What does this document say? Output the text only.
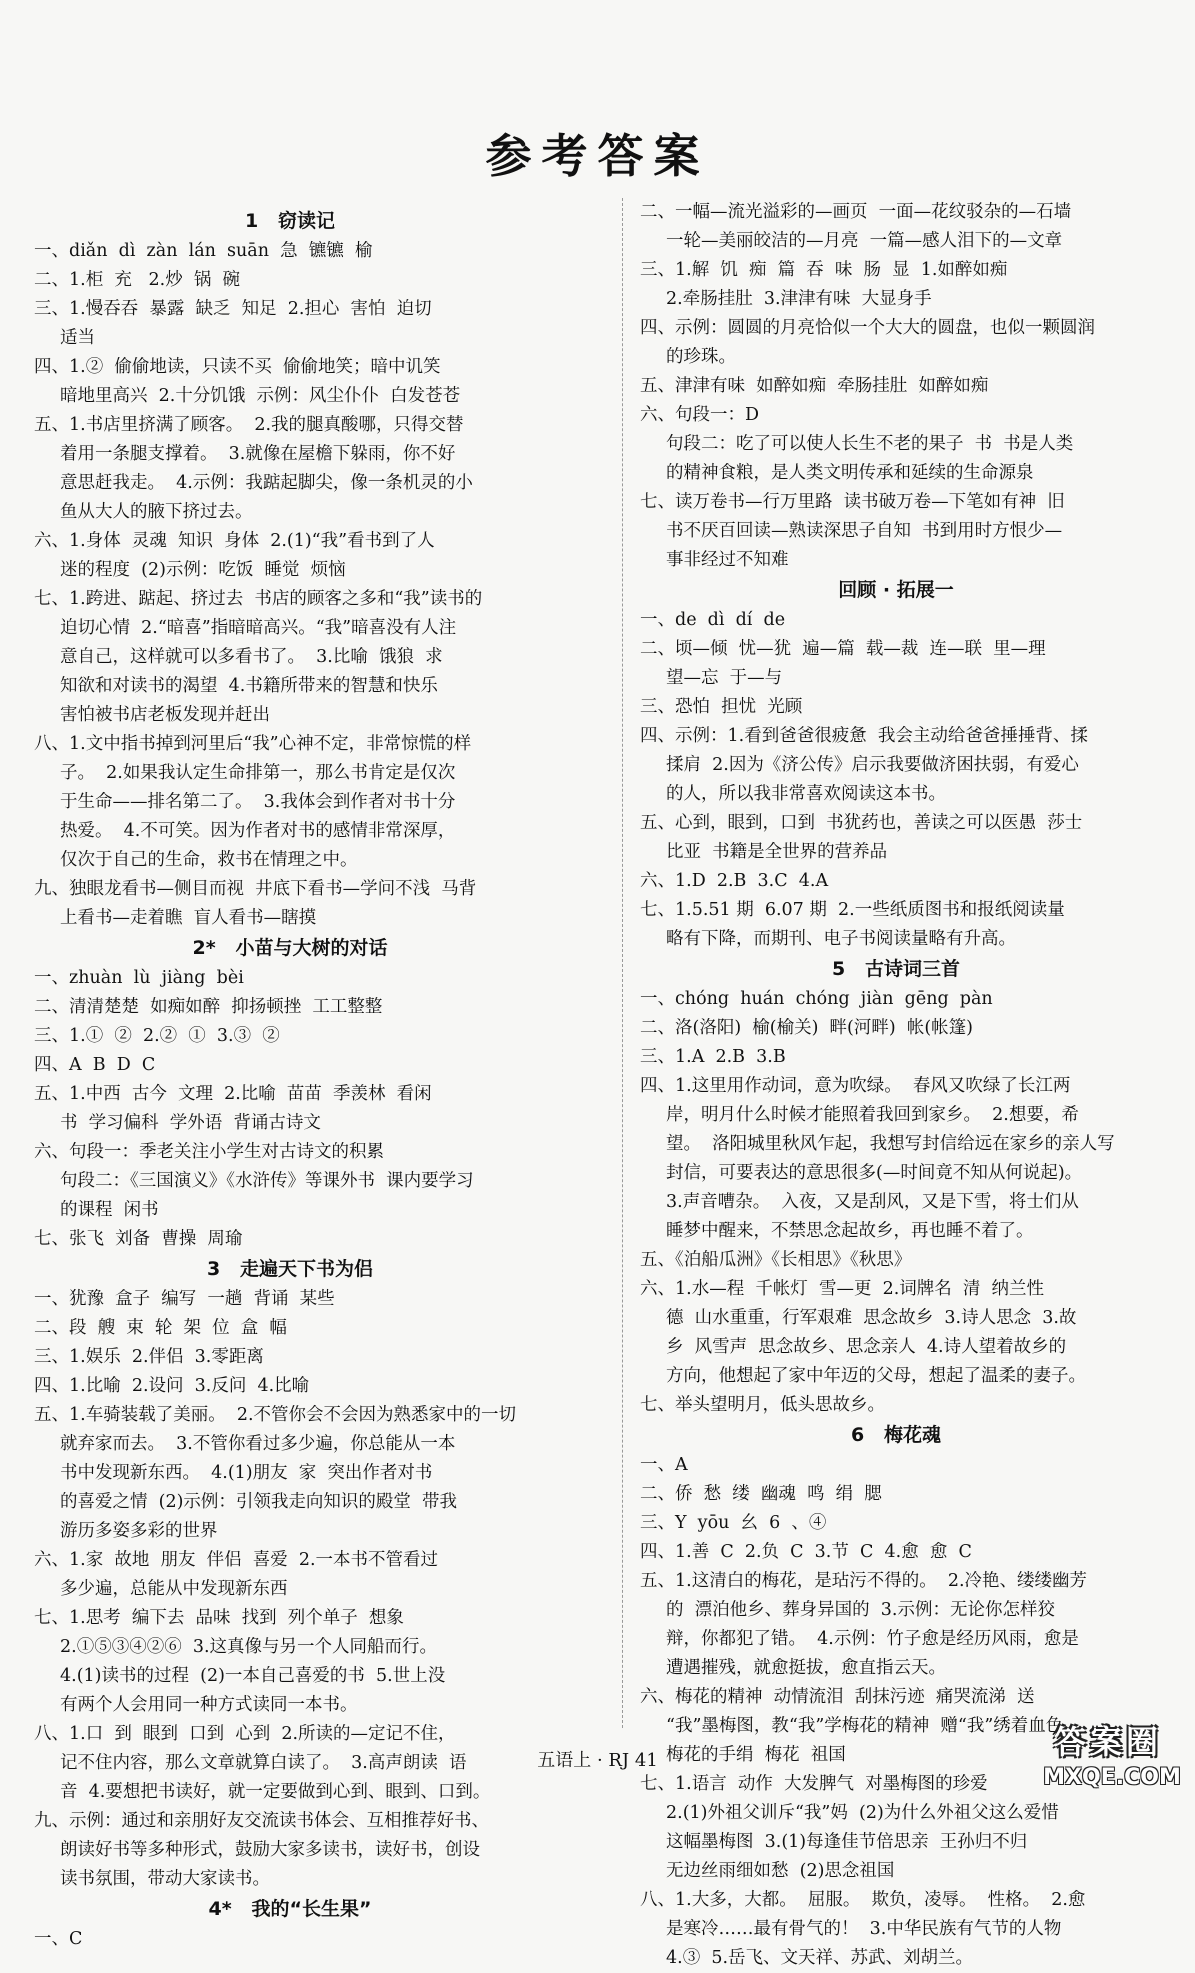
参考答案
1   窃读记
一、diǎn  dì  zàn  lán  suān  急  镳镳  榆
二、1.柜  充   2.炒  锅  碗
三、1.慢吞吞  暴露  缺乏  知足  2.担心  害怕  迫切
适当
四、1.②  偷偷地读，只读不买  偷偷地笑；暗中讥笑
暗地里高兴  2.十分饥饿  示例：风尘仆仆  白发苍苍
五、1.书店里挤满了顾客。  2.我的腿真酸哪，只得交替
着用一条腿支撑着。  3.就像在屋檐下躲雨，你不好
意思赶我走。  4.示例：我踮起脚尖，像一条机灵的小
鱼从大人的腋下挤过去。
六、1.身体  灵魂  知识  身体  2.(1)“我”看书到了人
迷的程度  (2)示例：吃饭  睡觉  烦恼
七、1.跨进、踮起、挤过去  书店的顾客之多和“我”读书的
迫切心情  2.“暗喜”指暗暗高兴。“我”暗喜没有人注
意自己，这样就可以多看书了。  3.比喻  饿狼  求
知欲和对读书的渴望  4.书籍所带来的智慧和快乐
害怕被书店老板发现并赶出
八、1.文中指书掉到河里后“我”心神不定，非常惊慌的样
子。  2.如果我认定生命排第一，那么书肯定是仅次
于生命——排名第二了。  3.我体会到作者对书十分
热爱。  4.不可笑。因为作者对书的感情非常深厚，
仅次于自己的生命，救书在情理之中。
九、独眼龙看书—侧目而视  井底下看书—学问不浅  马背
上看书—走着瞧  盲人看书—瞎摸
2*   小苗与大树的对话
一、zhuàn  lù  jiàng  bèi
二、清清楚楚  如痴如醉  抑扬顿挫  工工整整
三、1.①  ②  2.②  ①  3.③  ②
四、A  B  D  C
五、1.中西  古今  文理  2.比喻  苗苗  季羡林  看闲
书  学习偏科  学外语  背诵古诗文
六、句段一：季老关注小学生对古诗文的积累
句段二：《三国演义》《水浒传》等课外书  课内要学习
的课程  闲书
七、张飞  刘备  曹操  周瑜
3   走遍天下书为侣
一、犹豫  盒子  编写  一趟  背诵  某些
二、段  艘  束  轮  架  位  盒  幅
三、1.娱乐  2.伴侣  3.零距离
四、1.比喻  2.设问  3.反问  4.比喻
五、1.车骑装载了美丽。  2.不管你会不会因为熟悉家中的一切
就弃家而去。  3.不管你看过多少遍，你总能从一本
书中发现新东西。  4.(1)朋友  家  突出作者对书
的喜爱之情  (2)示例：引领我走向知识的殿堂  带我
游历多姿多彩的世界
六、1.家  故地  朋友  伴侣  喜爱  2.一本书不管看过
多少遍，总能从中发现新东西
七、1.思考  编下去  品味  找到  列个单子  想象
2.①⑤③④②⑥  3.这真像与另一个人同船而行。
4.(1)读书的过程  (2)一本自己喜爱的书  5.世上没
有两个人会用同一种方式读同一本书。
八、1.口  到  眼到  口到  心到  2.所读的—定记不住，
记不住内容，那么文章就算白读了。  3.高声朗读  语
音  4.要想把书读好，就一定要做到心到、眼到、口到。
九、示例：通过和亲朋好友交流读书体会、互相推荐好书、
朗读好书等多种形式，鼓励大家多读书，读好书，创设
读书氛围，带动大家读书。
4*   我的“长生果”
一、C
二、一幅—流光溢彩的—画页  一面—花纹驳杂的—石墙
一轮—美丽皎洁的—月亮  一篇—感人泪下的—文章
三、1.解  饥  痴  篇  吞  味  肠  显  1.如醉如痴
2.牵肠挂肚  3.津津有味  大显身手
四、示例：圆圆的月亮恰似一个大大的圆盘，也似一颗圆润
的珍珠。
五、津津有味  如醉如痴  牵肠挂肚  如醉如痴
六、句段一：D
句段二：吃了可以使人长生不老的果子  书  书是人类
的精神食粮，是人类文明传承和延续的生命源泉
七、读万卷书—行万里路  读书破万卷—下笔如有神  旧
书不厌百回读—熟读深思子自知  书到用时方恨少—
事非经过不知难
回顾 · 拓展一
一、de  dì  dí  de
二、顷—倾  忧—犹  遍—篇  载—裁  连—联  里—理
望—忘  于—与
三、恐怕  担忧  光顾
四、示例：1.看到爸爸很疲惫  我会主动给爸爸捶捶背、揉
揉肩  2.因为《济公传》启示我要做济困扶弱，有爱心
的人，所以我非常喜欢阅读这本书。
五、心到，眼到，口到  书犹药也，善读之可以医愚  莎士
比亚  书籍是全世界的营养品
六、1.D  2.B  3.C  4.A
七、1.5.51 期  6.07 期  2.一些纸质图书和报纸阅读量
略有下降，而期刊、电子书阅读量略有升高。
5   古诗词三首
一、chóng  huán  chóng  jiàn  gēng  pàn
二、洛(洛阳)  榆(榆关)  畔(河畔)  帐(帐篷)
三、1.A  2.B  3.B
四、1.这里用作动词，意为吹绿。  春风又吹绿了长江两
岸，明月什么时候才能照着我回到家乡。  2.想要，希
望。  洛阳城里秋风乍起，我想写封信给远在家乡的亲人写
封信，可要表达的意思很多(—时间竟不知从何说起)。
3.声音嘈杂。  入夜，又是刮风，又是下雪，将士们从
睡梦中醒来，不禁思念起故乡，再也睡不着了。
五、《泊船瓜洲》《长相思》《秋思》
六、1.水—程  千帐灯  雪—更  2.词牌名  清  纳兰性
德  山水重重，行军艰难  思念故乡  3.诗人思念  3.故
乡  风雪声  思念故乡、思念亲人  4.诗人望着故乡的
方向，他想起了家中年迈的父母，想起了温柔的妻子。
七、举头望明月，低头思故乡。
6   梅花魂
一、A
二、侨  愁  缕  幽魂  鸣  绢  腮
三、Y  yōu  幺  6  、④
四、1.善  C  2.负  C  3.节  C  4.愈  愈  C
五、1.这清白的梅花，是玷污不得的。  2.冷艳、缕缕幽芳
的  漂泊他乡、葬身异国的  3.示例：无论你怎样狡
辩，你都犯了错。  4.示例：竹子愈是经历风雨，愈是
遭遇摧残，就愈挺拔，愈直指云天。
六、梅花的精神  动情流泪  刮抹污迹  痛哭流涕  送
“我”墨梅图，教“我”学梅花的精神  赠“我”绣着血色
梅花的手绢  梅花  祖国
七、1.语言  动作  大发脾气  对墨梅图的珍爱
2.(1)外祖父训斥“我”妈  (2)为什么外祖父这么爱惜
这幅墨梅图  3.(1)每逢佳节倍思亲  王孙归不归
无边丝雨细如愁  (2)思念祖国
八、1.大多，大都。  屈服。  欺负，凌辱。  性格。  2.愈
是寒冷……最有骨气的！  3.中华民族有气节的人物
4.③  5.岳飞、文天祥、苏武、刘胡兰。
五语上 · RJ 41	答案圈
MXQE.COM
